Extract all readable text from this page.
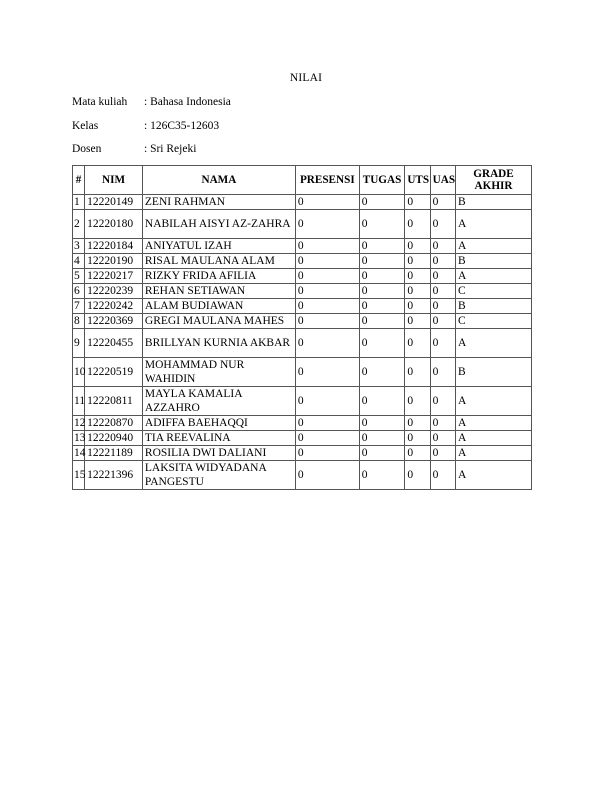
NILAI
Mata kuliah : Bahasa Indonesia
Kelas	: 126C35-12603
Dosen	: Sri Rejeki
#	NIM	NAMA	PRESENSI	TUGAS	UTS	UAS	GRADE AKHIR
1	12220149	ZENI RAHMAN	0	0	0	0	B
2	12220180	NABILAH AISYI AZ-ZAHRA	0	0	0	0	A
3	12220184	ANIYATUL IZAH	0	0	0	0	A
4	12220190	RISAL MAULANA ALAM	0	0	0	0	B
5	12220217	RIZKY FRIDA AFILIA	0	0	0	0	A
6	12220239	REHAN SETIAWAN	0	0	0	0	C
7	12220242	ALAM BUDIAWAN	0	0	0	0	B
8	12220369	GREGI MAULANA MAHES	0	0	0	0	C
9	12220455	BRILLYAN KURNIA AKBAR	0	0	0	0	A
10	12220519	MOHAMMAD NUR WAHIDIN	0	0	0	0	B
11	12220811	MAYLA KAMALIA AZZAHRO	0	0	0	0	A
12	12220870	ADIFFA BAEHAQQI	0	0	0	0	A
13	12220940	TIA REEVALINA	0	0	0	0	A
14	12221189	ROSILIA DWI DALIANI	0	0	0	0	A
15	12221396	LAKSITA WIDYADANA PANGESTU	0	0	0	0	A
